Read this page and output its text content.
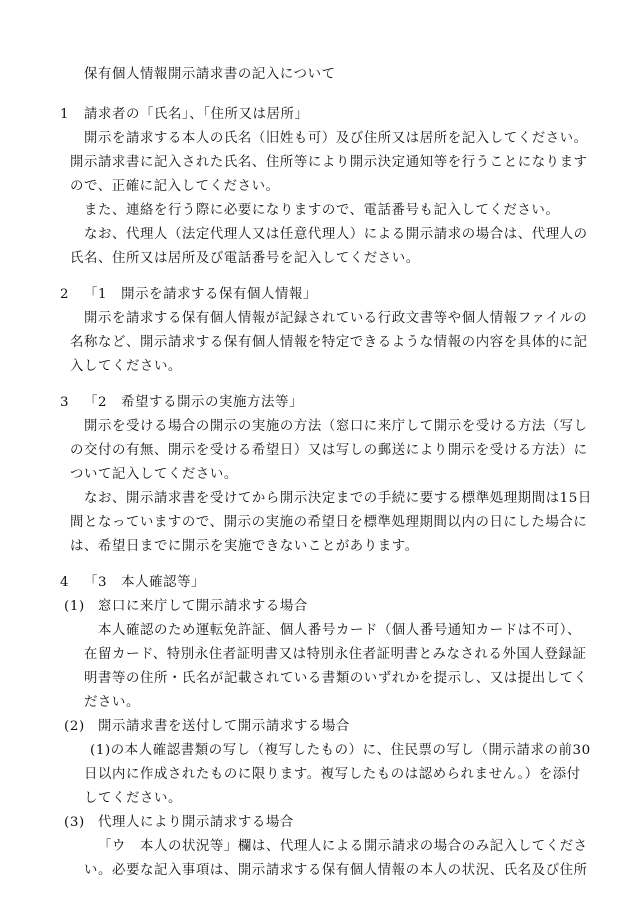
保有個人情報開示請求書の記入について
1 請求者の「氏名」、「住所又は居所」
開示を請求する本人の氏名（旧姓も可）及び住所又は居所を記入してください。
開示請求書に記入された氏名、住所等により開示決定通知等を行うことになります
ので、正確に記入してください。
また、連絡を行う際に必要になりますので、電話番号も記入してください。
なお、代理人（法定代理人又は任意代理人）による開示請求の場合は、代理人の
氏名、住所又は居所及び電話番号を記入してください。
2 「1　開示を請求する保有個人情報」
開示を請求する保有個人情報が記録されている行政文書等や個人情報ファイルの
名称など、開示請求する保有個人情報を特定できるような情報の内容を具体的に記
入してください。
3 「2　希望する開示の実施方法等」
開示を受ける場合の開示の実施の方法（窓口に来庁して開示を受ける方法（写し
の交付の有無、開示を受ける希望日）又は写しの郵送により開示を受ける方法）に
ついて記入してください。
なお、開示請求書を受けてから開示決定までの手続に要する標準処理期間は15日
間となっていますので、開示の実施の希望日を標準処理期間以内の日にした場合に
は、希望日までに開示を実施できないことがあります。
4 「3　本人確認等」
(1) 窓口に来庁して開示請求する場合
本人確認のため運転免許証、個人番号カード（個人番号通知カードは不可）、
在留カード、特別永住者証明書又は特別永住者証明書とみなされる外国人登録証
明書等の住所・氏名が記載されている書類のいずれかを提示し、又は提出してく
ださい。
(2) 開示請求書を送付して開示請求する場合
(1)の本人確認書類の写し（複写したもの）に、住民票の写し（開示請求の前30
日以内に作成されたものに限ります。複写したものは認められません。）を添付
してください。
(3) 代理人により開示請求する場合
「ウ　本人の状況等」欄は、代理人による開示請求の場合のみ記入してくださ
い。必要な記入事項は、開示請求する保有個人情報の本人の状況、氏名及び住所
